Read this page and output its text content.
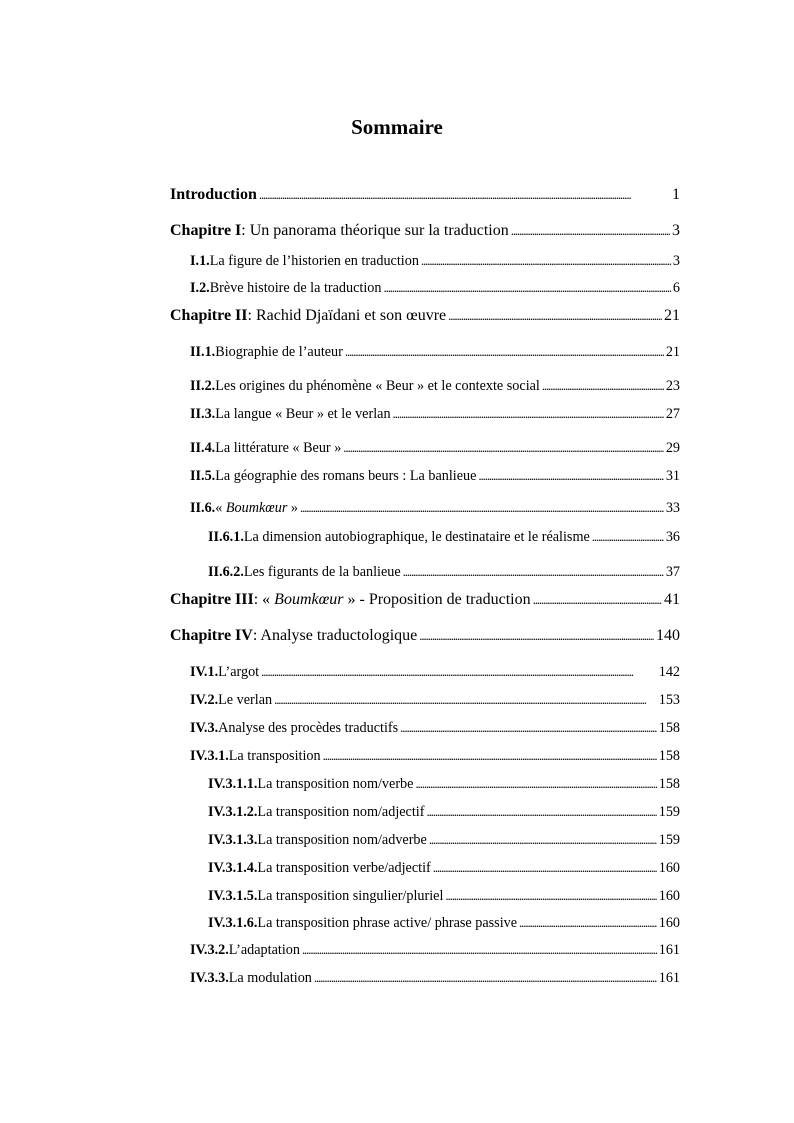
Sommaire
Introduction . . .	1
Chapitre I : Un panorama théorique sur la traduction . . .	3
I.1. La figure de l’historien en traduction . . .	3
I.2. Brève histoire de la traduction . . .	6
Chapitre II : Rachid Djaïdani et son œuvre . . .	21
II.1. Biographie de l’auteur . . .	21
II.2. Les origines du phénomène « Beur » et le contexte social . . .	23
II.3. La langue « Beur » et le verlan . . .	27
II.4. La littérature « Beur » . . .	29
II.5. La géographie des romans beurs : La banlieue . . .	31
II.6. « Boumkœur » . . .	33
II.6.1. La dimension autobiographique, le destinataire et le réalisme . . .	36
II.6.2. Les figurants de la banlieue . . .	37
Chapitre III : « Boumkœur » - Proposition de traduction . . .	41
Chapitre IV : Analyse traductologique . . .	140
IV.1. L’argot . . .	142
IV.2. Le verlan . . .	153
IV.3. Analyse des procèdes traductifs . . .	158
IV.3.1. La transposition . . .	158
IV.3.1.1. La transposition nom/verbe . . .	158
IV.3.1.2. La transposition nom/adjectif . . .	159
IV.3.1.3. La transposition nom/adverbe . . .	159
IV.3.1.4. La transposition verbe/adjectif . . .	160
IV.3.1.5. La transposition singulier/pluriel . . .	160
IV.3.1.6. La transposition phrase active/ phrase passive . . .	160
IV.3.2. L’adaptation . . .	161
IV.3.3. La modulation . . .	161
